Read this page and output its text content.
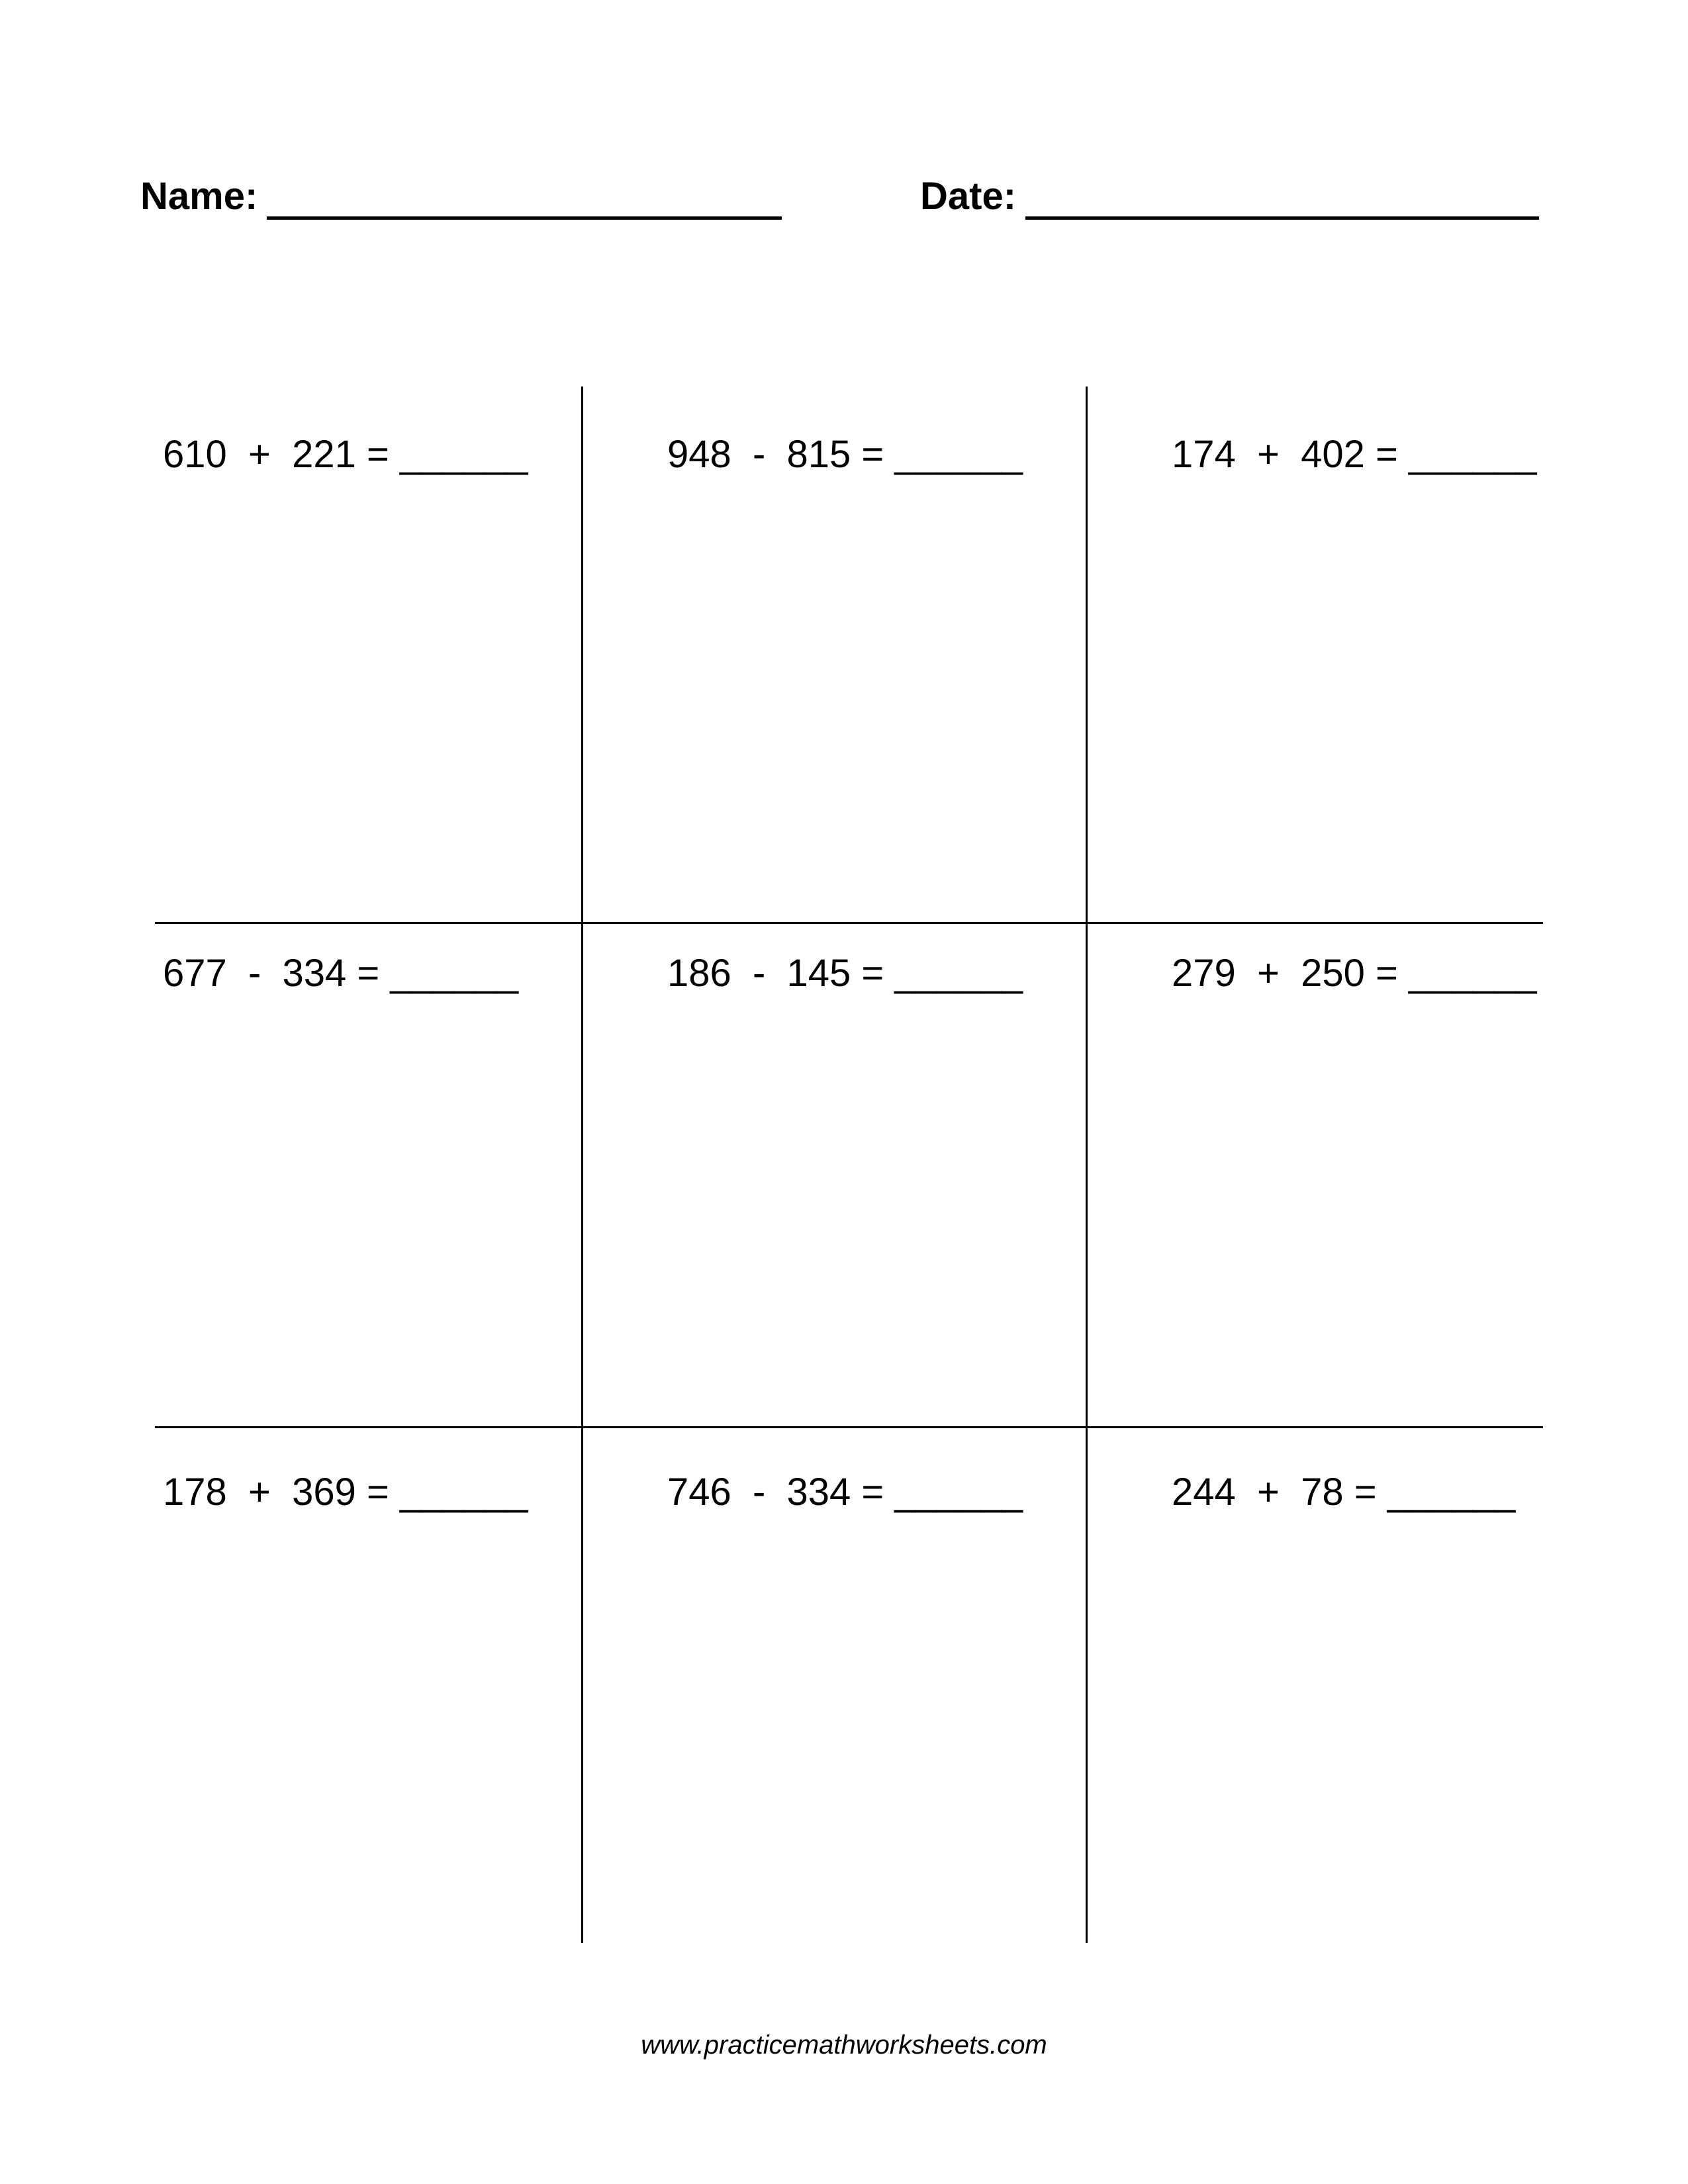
Name:	Date:
610  +  221 = ______	948  -  815 = ______	174  +  402 = ______
677  -  334 = ______	186  -  145 = ______	279  +  250 = ______
178  +  369 = ______	746  -  334 = ______	244  +  78 = ______
www.practicemathworksheets.com
